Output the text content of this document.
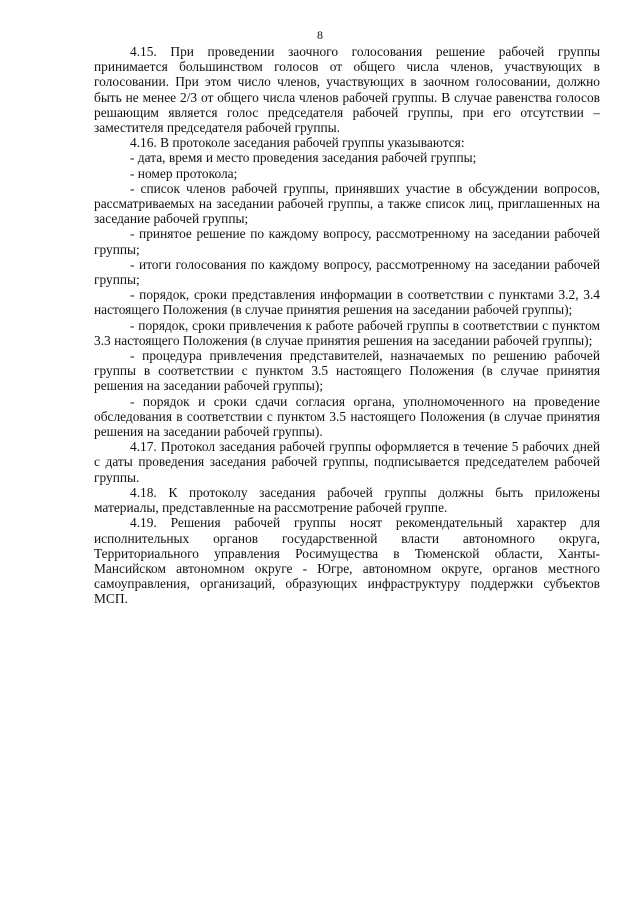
8

4.15. При проведении заочного голосования решение рабочей группы принимается большинством голосов от общего числа членов, участвующих в голосовании. При этом число членов, участвующих в заочном голосовании, должно быть не менее 2/3 от общего числа членов рабочей группы. В случае равенства голосов решающим является голос председателя рабочей группы, при его отсутствии – заместителя председателя рабочей группы.

4.16. В протоколе заседания рабочей группы указываются:

- дата, время и место проведения заседания рабочей группы;

- номер протокола;

- список членов рабочей группы, принявших участие в обсуждении вопросов, рассматриваемых на заседании рабочей группы, а также список лиц, приглашенных на заседание рабочей группы;

- принятое решение по каждому вопросу, рассмотренному на заседании рабочей группы;

- итоги голосования по каждому вопросу, рассмотренному на заседании рабочей группы;

- порядок, сроки представления информации в соответствии с пунктами 3.2, 3.4 настоящего Положения (в случае принятия решения на заседании рабочей группы);

- порядок, сроки привлечения к работе рабочей группы в соответствии с пунктом 3.3 настоящего Положения (в случае принятия решения на заседании рабочей группы);

- процедура привлечения представителей, назначаемых по решению рабочей группы в соответствии с пунктом 3.5 настоящего Положения (в случае принятия решения на заседании рабочей группы);

- порядок и сроки сдачи согласия органа, уполномоченного на проведение обследования в соответствии с пунктом 3.5 настоящего Положения (в случае принятия решения на заседании рабочей группы).

4.17. Протокол заседания рабочей группы оформляется в течение 5 рабочих дней с даты проведения заседания рабочей группы, подписывается председателем рабочей группы.

4.18. К протоколу заседания рабочей группы должны быть приложены материалы, представленные на рассмотрение рабочей группе.

4.19. Решения рабочей группы носят рекомендательный характер для исполнительных органов государственной власти автономного округа, Территориального управления Росимущества в Тюменской области, Ханты-Мансийском автономном округе - Югре, автономном округе, органов местного самоуправления, организаций, образующих инфраструктуру поддержки субъектов МСП.
